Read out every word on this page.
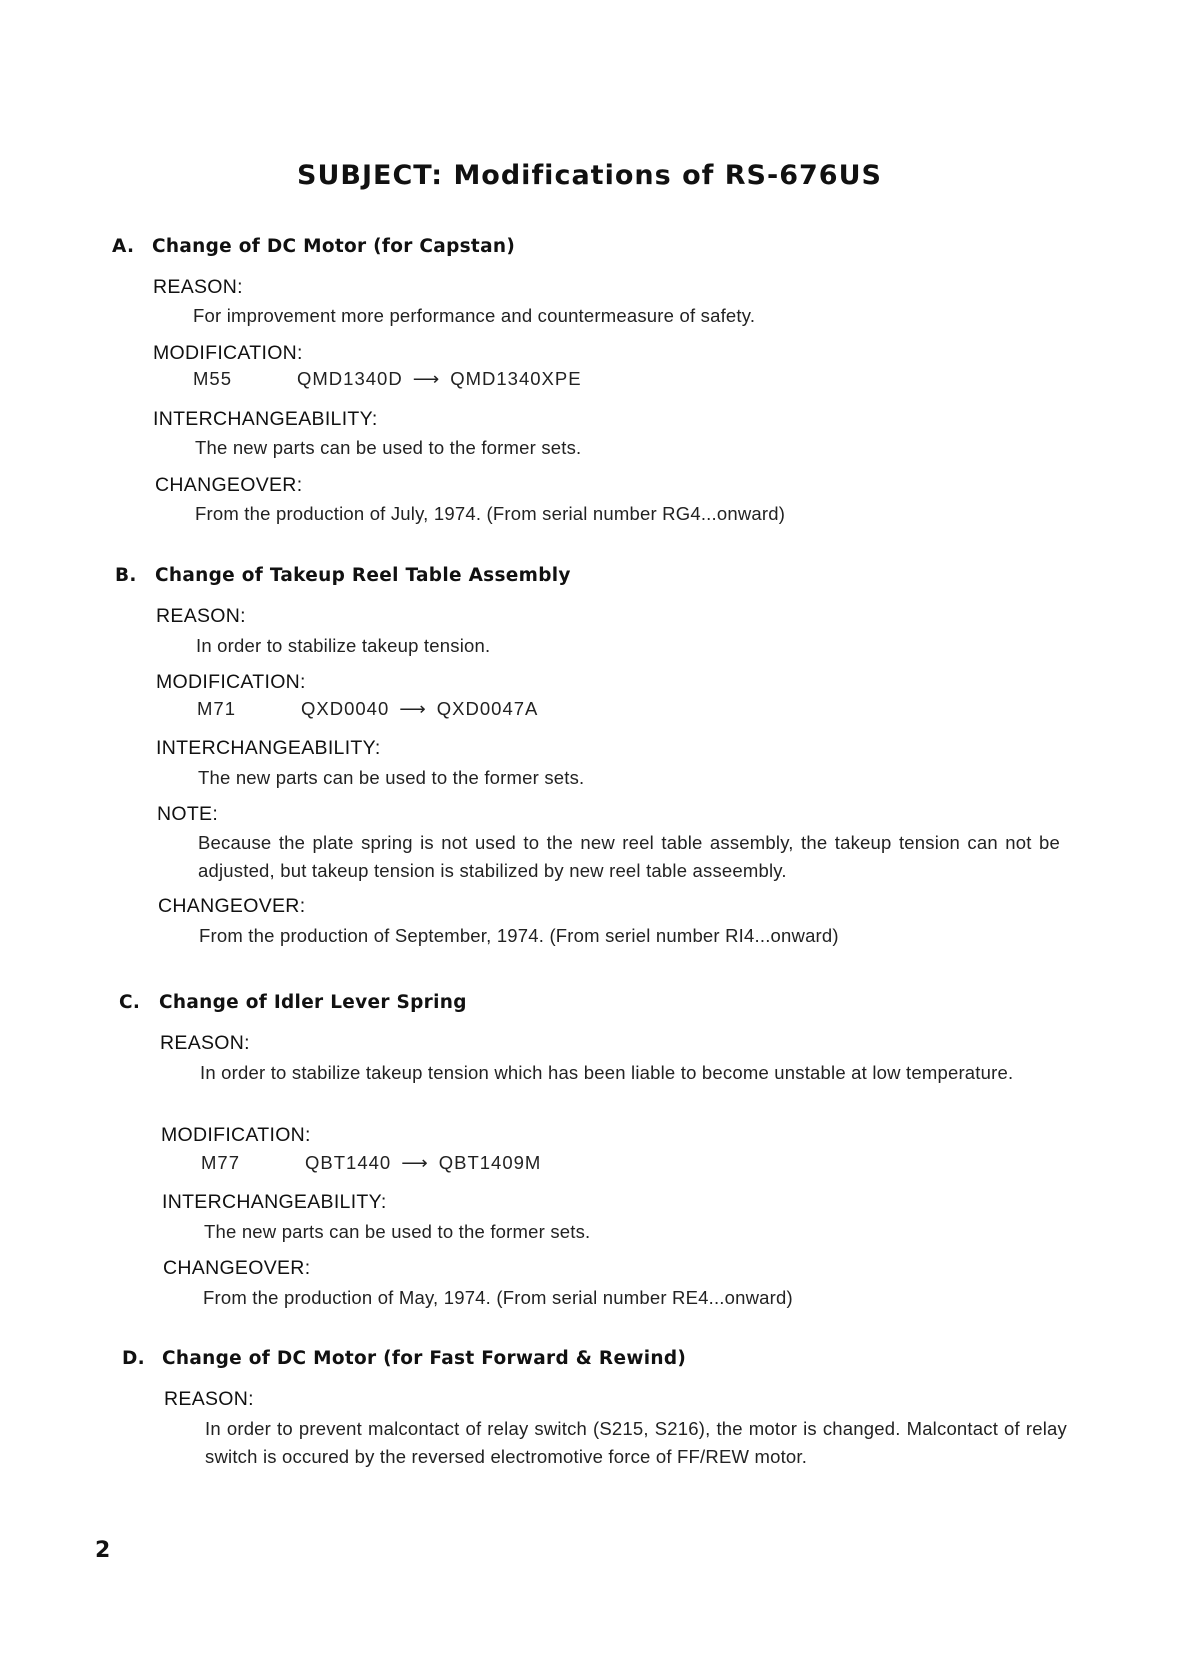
SUBJECT: Modifications of RS-676US
A. Change of DC Motor (for Capstan)
REASON:
For improvement more performance and countermeasure of safety.
MODIFICATION:
M55	QMD1340D ⟶ QMD1340XPE
INTERCHANGEABILITY:
The new parts can be used to the former sets.
CHANGEOVER:
From the production of July, 1974. (From serial number RG4...onward)
B. Change of Takeup Reel Table Assembly
REASON:
In order to stabilize takeup tension.
MODIFICATION:
M71	QXD0040 ⟶ QXD0047A
INTERCHANGEABILITY:
The new parts can be used to the former sets.
NOTE:
Because the plate spring is not used to the new reel table assembly, the takeup tension can not be adjusted, but takeup tension is stabilized by new reel table asseembly.
CHANGEOVER:
From the production of September, 1974. (From seriel number RI4...onward)
C. Change of Idler Lever Spring
REASON:
In order to stabilize takeup tension which has been liable to become unstable at low temperature.
MODIFICATION:
M77	QBT1440 ⟶ QBT1409M
INTERCHANGEABILITY:
The new parts can be used to the former sets.
CHANGEOVER:
From the production of May, 1974. (From serial number RE4...onward)
D. Change of DC Motor (for Fast Forward & Rewind)
REASON:
In order to prevent malcontact of relay switch (S215, S216), the motor is changed. Malcontact of relay switch is occured by the reversed electromotive force of FF/REW motor.
2
